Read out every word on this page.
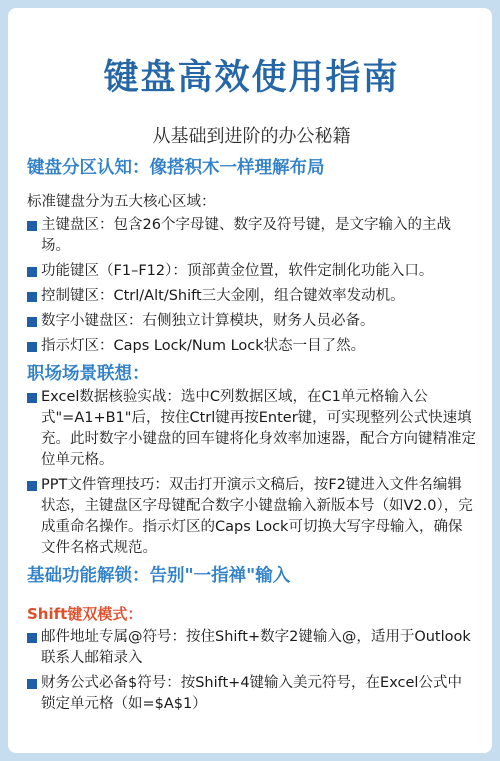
键盘高效使用指南
从基础到进阶的办公秘籍
键盘分区认知：像搭积木一样理解布局
标准键盘分为五大核心区域：
主键盘区：包含26个字母键、数字及符号键，是文字输入的主战场。
功能键区（F1–F12）：顶部黄金位置，软件定制化功能入口。
控制键区：Ctrl/Alt/Shift三大金刚，组合键效率发动机。
数字小键盘区：右侧独立计算模块，财务人员必备。
指示灯区：Caps Lock/Num Lock状态一目了然。
职场场景联想：
Excel数据核验实战：选中C列数据区域，在C1单元格输入公式"=A1+B1"后，按住Ctrl键再按Enter键，可实现整列公式快速填充。此时数字小键盘的回车键将化身效率加速器，配合方向键精准定位单元格。
PPT文件管理技巧：双击打开演示文稿后，按F2键进入文件名编辑状态，主键盘区字母键配合数字小键盘输入新版本号（如V2.0），完成重命名操作。指示灯区的Caps Lock可切换大写字母输入，确保文件名格式规范。
基础功能解锁：告别"一指禅"输入
Shift键双模式：
邮件地址专属@符号：按住Shift+数字2键输入@，适用于Outlook联系人邮箱录入
财务公式必备$符号：按Shift+4键输入美元符号，在Excel公式中锁定单元格（如=$A$1）
